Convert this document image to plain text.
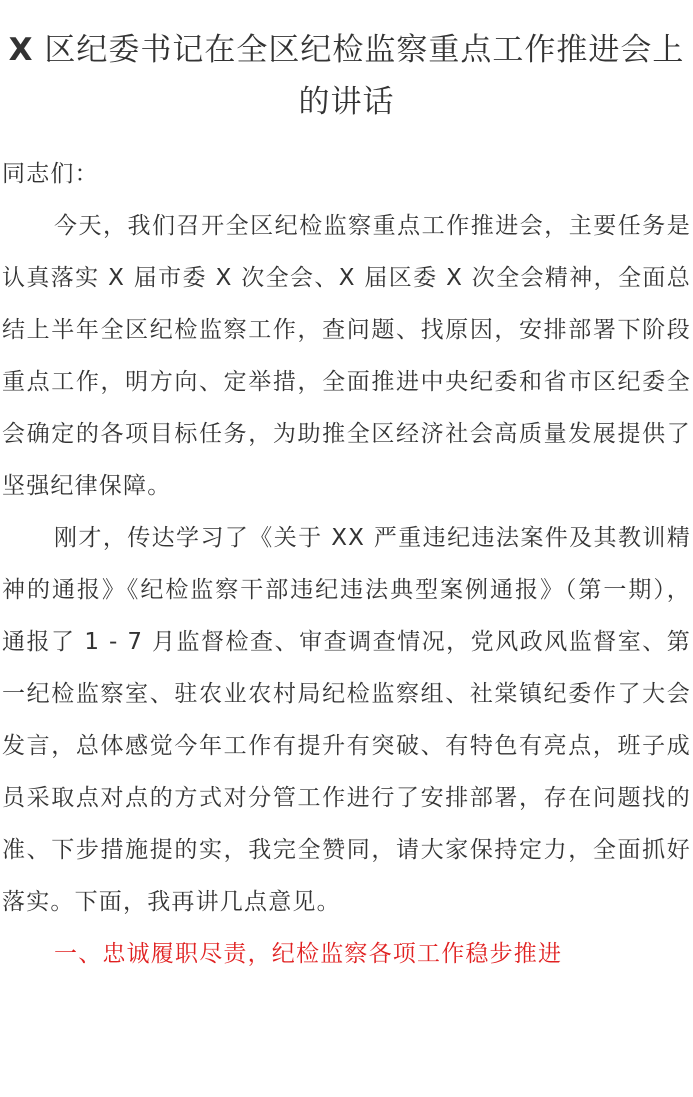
X 区纪委书记在全区纪检监察重点工作推进会上的讲话

同志们：

今天，我们召开全区纪检监察重点工作推进会，主要任务是认真落实 X 届市委 X 次全会、X 届区委 X 次全会精神，全面总结上半年全区纪检监察工作，查问题、找原因，安排部署下阶段重点工作，明方向、定举措，全面推进中央纪委和省市区纪委全会确定的各项目标任务，为助推全区经济社会高质量发展提供了坚强纪律保障。

刚才，传达学习了《关于 XX 严重违纪违法案件及其教训精神的通报》《纪检监察干部违纪违法典型案例通报》（第一期），通报了 1 - 7 月监督检查、审查调查情况，党风政风监督室、第一纪检监察室、驻农业农村局纪检监察组、社棠镇纪委作了大会发言，总体感觉今年工作有提升有突破、有特色有亮点，班子成员采取点对点的方式对分管工作进行了安排部署，存在问题找的准、下步措施提的实，我完全赞同，请大家保持定力，全面抓好落实。下面，我再讲几点意见。

一、忠诚履职尽责，纪检监察各项工作稳步推进
